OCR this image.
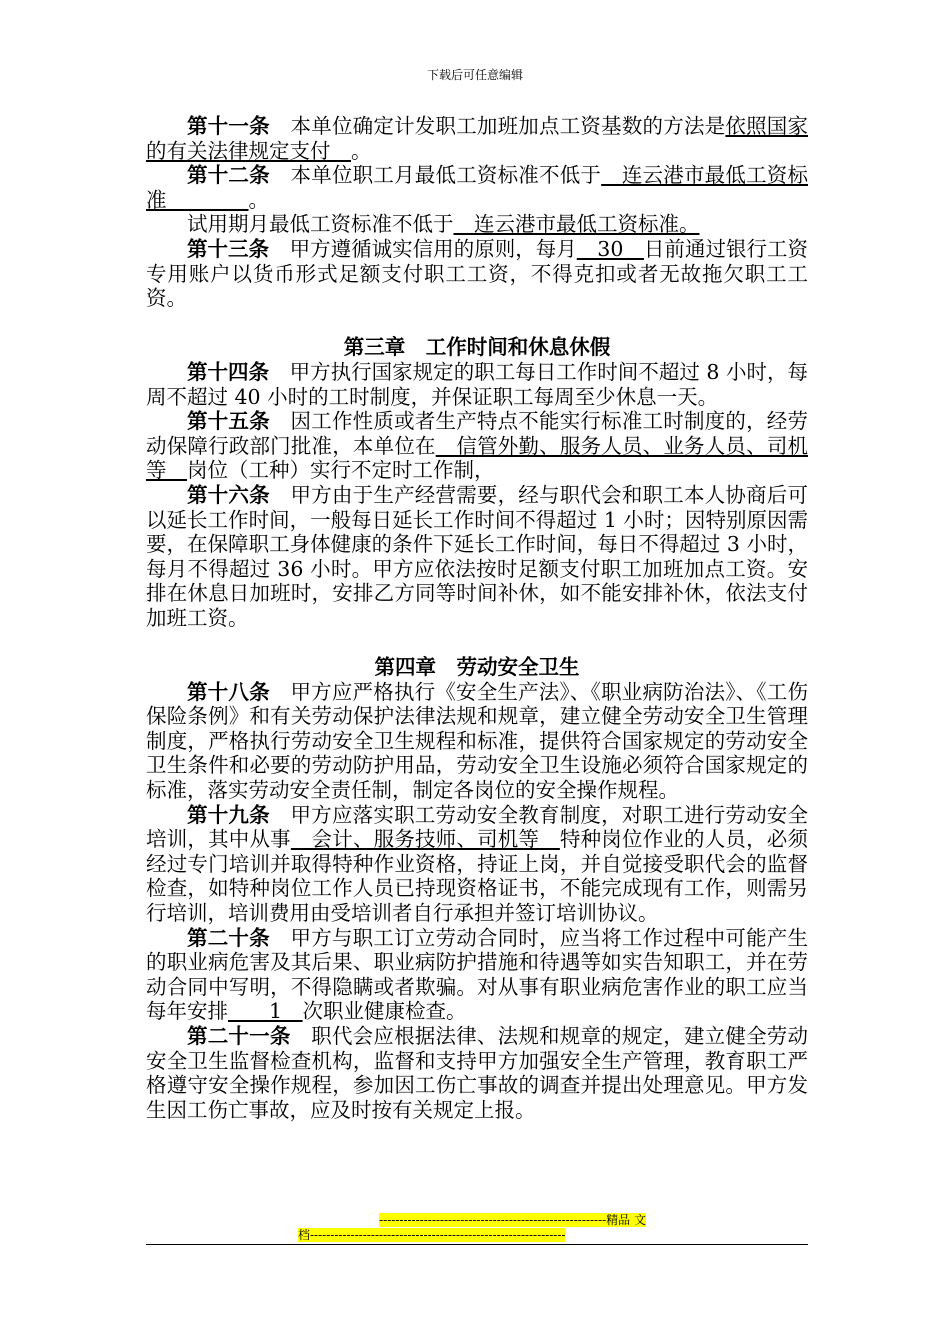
下载后可任意编辑

第十一条　本单位确定计发职工加班加点工资基数的方法是依照国家的有关法律规定支付　。

第十二条　本单位职工月最低工资标准不低于　连云港市最低工资标准　　　　。

试用期月最低工资标准不低于　连云港市最低工资标准。

第十三条　甲方遵循诚实信用的原则，每月　30　日前通过银行工资专用账户以货币形式足额支付职工工资，不得克扣或者无故拖欠职工工资。

第三章　工作时间和休息休假

第十四条　甲方执行国家规定的职工每日工作时间不超过 8 小时，每周不超过 40 小时的工时制度，并保证职工每周至少休息一天。

第十五条　因工作性质或者生产特点不能实行标准工时制度的，经劳动保障行政部门批准，本单位在　信管外勤、服务人员、业务人员、司机等　岗位（工种）实行不定时工作制，

第十六条　甲方由于生产经营需要，经与职代会和职工本人协商后可以延长工作时间，一般每日延长工作时间不得超过 1 小时；因特别原因需要，在保障职工身体健康的条件下延长工作时间，每日不得超过 3 小时，每月不得超过 36 小时。甲方应依法按时足额支付职工加班加点工资。安排在休息日加班时，安排乙方同等时间补休，如不能安排补休，依法支付加班工资。

第四章　劳动安全卫生

第十八条　甲方应严格执行《安全生产法》、《职业病防治法》、《工伤保险条例》和有关劳动保护法律法规和规章，建立健全劳动安全卫生管理制度，严格执行劳动安全卫生规程和标准，提供符合国家规定的劳动安全卫生条件和必要的劳动防护用品，劳动安全卫生设施必须符合国家规定的标准，落实劳动安全责任制，制定各岗位的安全操作规程。

第十九条　甲方应落实职工劳动安全教育制度，对职工进行劳动安全培训，其中从事　会计、服务技师、司机等　特种岗位作业的人员，必须经过专门培训并取得特种作业资格，持证上岗，并自觉接受职代会的监督检查，如特种岗位工作人员已持现资格证书，不能完成现有工作，则需另行培训，培训费用由受培训者自行承担并签订培训协议。

第二十条　甲方与职工订立劳动合同时，应当将工作过程中可能产生的职业病危害及其后果、职业病防护措施和待遇等如实告知职工，并在劳动合同中写明，不得隐瞒或者欺骗。对从事有职业病危害作业的职工应当每年安排　　1　次职业健康检查。

第二十一条　职代会应根据法律、法规和规章的规定，建立健全劳动安全卫生监督检查机构，监督和支持甲方加强安全生产管理，教育职工严格遵守安全操作规程，参加因工伤亡事故的调查并提出处理意见。甲方发生因工伤亡事故，应及时按有关规定上报。

--------------------------------------------------------精品 文
档---------------------------------------------------------------
